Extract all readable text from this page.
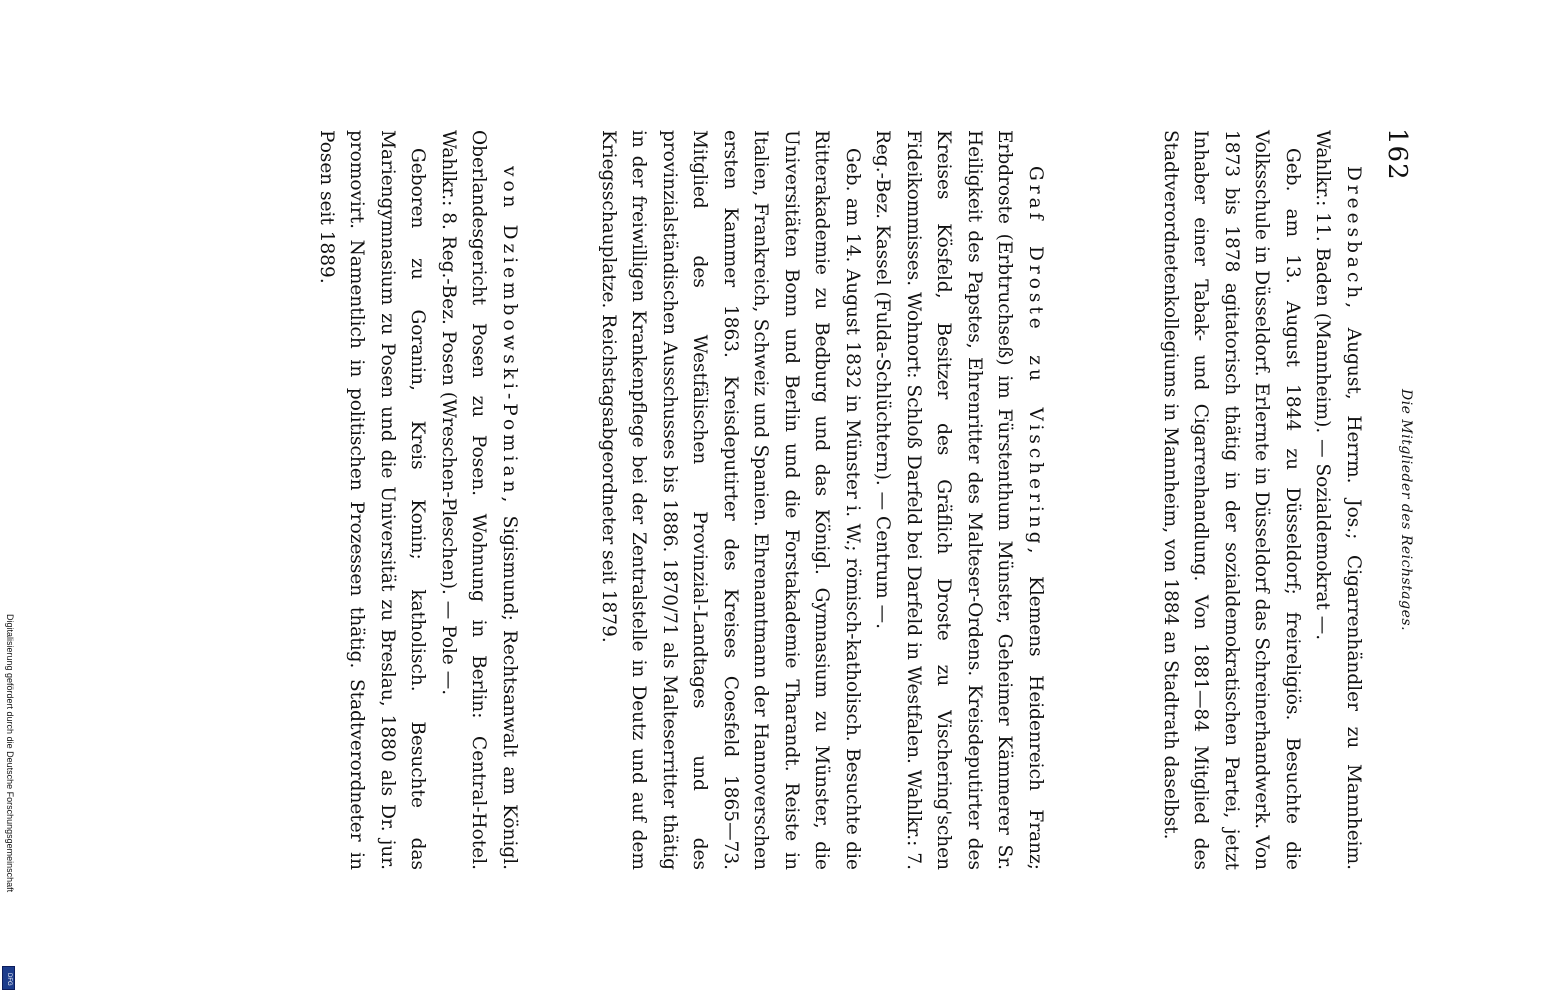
Digitalisierung gefördert durch die Deutsche Forschungsgemeinschaft
DFG
162
Die Mitglieder des Reichstages.

Dreesbach, August, Herrm. Jos.; Cigarrenhändler zu Mannheim. Wahlkr.: 11. Baden (Mannheim). — Sozialdemokrat —.

Geb. am 13. August 1844 zu Düsseldorf; freireligiös. Besuchte die Volksschule in Düsseldorf. Erlernte in Düsseldorf das Schreinerhandwerk. Von 1873 bis 1878 agitatorisch thätig in der sozialdemokratischen Partei, jetzt Inhaber einer Tabak- und Cigarrenhandlung. Von 1881—84 Mitglied des Stadtverordnetenkollegiums in Mannheim, von 1884 an Stadtrath daselbst.

Graf Droste zu Vischering, Klemens Heidenreich Franz; Erbdroste (Erbtruchseß) im Fürstenthum Münster, Geheimer Kämmerer Sr. Heiligkeit des Papstes, Ehrenritter des Malteser-Ordens. Kreisdeputirter des Kreises Kösfeld, Besitzer des Gräflich Droste zu Vischering'schen Fideikommisses. Wohnort: Schloß Darfeld bei Darfeld in Westfalen. Wahlkr.: 7. Reg.-Bez. Kassel (Fulda-Schlüchtern). — Centrum —.

Geb. am 14. August 1832 in Münster i. W.; römisch-katholisch. Besuchte die Ritterakademie zu Bedburg und das Königl. Gymnasium zu Münster, die Universitäten Bonn und Berlin und die Forstakademie Tharandt. Reiste in Italien, Frankreich, Schweiz und Spanien. Ehrenamtmann der Hannoverschen ersten Kammer 1863. Kreisdeputirter des Kreises Coesfeld 1865—73. Mitglied des Westfälischen Provinzial-Landtages und des provinzialständischen Ausschusses bis 1886. 1870/71 als Malteserritter thätig in der freiwilligen Krankenpflege bei der Zentralstelle in Deutz und auf dem Kriegsschauplatze. Reichstagsabgeordneter seit 1879.

von Dziembowski-Pomian, Sigismund; Rechtsanwalt am Königl. Oberlandesgericht Posen zu Posen. Wohnung in Berlin: Central-Hotel. Wahlkr.: 8. Reg.-Bez. Posen (Wreschen-Pleschen). — Pole —.

Geboren zu Goranin, Kreis Konin; katholisch. Besuchte das Mariengymnasium zu Posen und die Universität zu Breslau, 1880 als Dr. jur. promovirt. Namentlich in politischen Prozessen thätig. Stadtverordneter in Posen seit 1889.
